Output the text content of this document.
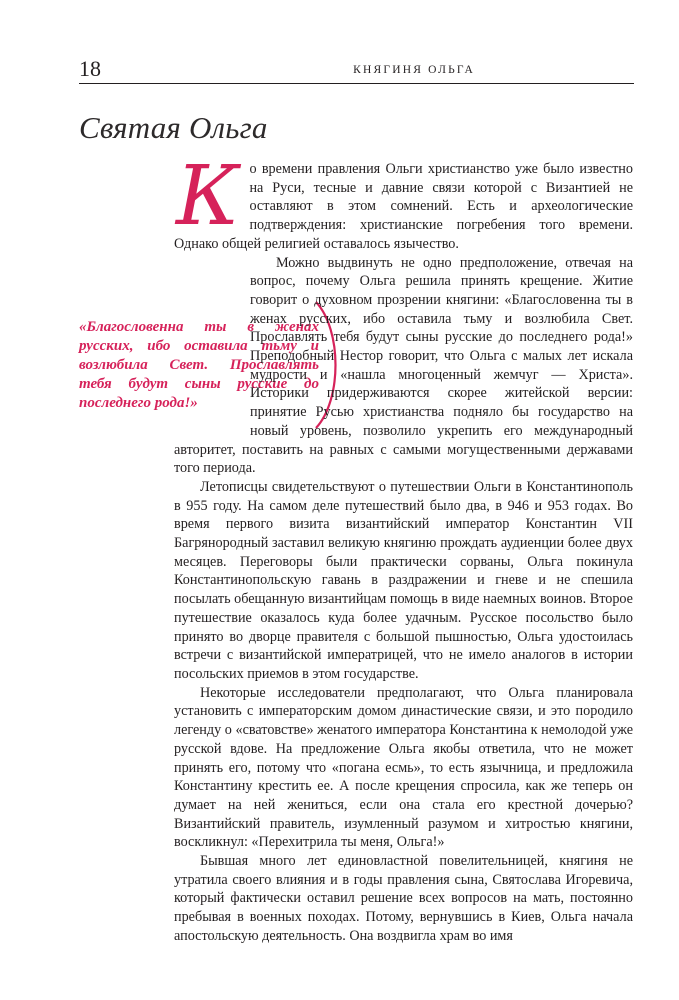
18	КНЯГИНЯ ОЛЬГА
Святая Ольга
«Благословенна ты в женах русских, ибо оставила тьму и возлюбила Свет. Прославлять тебя будут сыны русские до последнего рода!»

Ко времени правления Ольги христианство уже было известно на Руси, тесные и давние связи которой с Византией не оставляют в этом сомнений. Есть и археологические подтверждения: христианские погребения того времени. Однако общей религией оставалось язычество.

Можно выдвинуть не одно предположение, отвечая на вопрос, почему Ольга решила принять крещение. Житие говорит о духовном прозрении княгини: «Благословенна ты в женах русских, ибо оставила тьму и возлюбила Свет. Прославлять тебя будут сыны русские до последнего рода!» Преподобный Нестор говорит, что Ольга с малых лет искала мудрости и «нашла многоценный жемчуг — Христа». Историки придерживаются скорее житейской версии: принятие Русью христианства подняло бы государство на новый уровень, позволило укрепить его международный авторитет, поставить на равных с самыми могущественными державами того периода.

Летописцы свидетельствуют о путешествии Ольги в Константинополь в 955 году. На самом деле путешествий было два, в 946 и 953 годах. Во время первого визита византийский император Константин VII Багрянородный заставил великую княгиню прождать аудиенции более двух месяцев. Переговоры были практически сорваны, Ольга покинула Константинопольскую гавань в раздражении и гневе и не спешила посылать обещанную византийцам помощь в виде наемных воинов. Второе путешествие оказалось куда более удачным. Русское посольство было принято во дворце правителя с большой пышностью, Ольга удостоилась встречи с византийской императрицей, что не имело аналогов в истории посольских приемов в этом государстве.

Некоторые исследователи предполагают, что Ольга планировала установить с императорским домом династические связи, и это породило легенду о «сватовстве» женатого императора Константина к немолодой уже русской вдове. На предложение Ольга якобы ответила, что не может принять его, потому что «погана есмь», то есть язычница, и предложила Константину крестить ее. А после крещения спросила, как же теперь он думает на ней жениться, если она стала его крестной дочерью? Византийский правитель, изумленный разумом и хитростью княгини, воскликнул: «Перехитрила ты меня, Ольга!»

Бывшая много лет единовластной повелительницей, княгиня не утратила своего влияния и в годы правления сына, Святослава Игоревича, который фактически оставил решение всех вопросов на мать, постоянно пребывая в военных походах. Потому, вернувшись в Киев, Ольга начала апостольскую деятельность. Она воздвигла храм во имя
